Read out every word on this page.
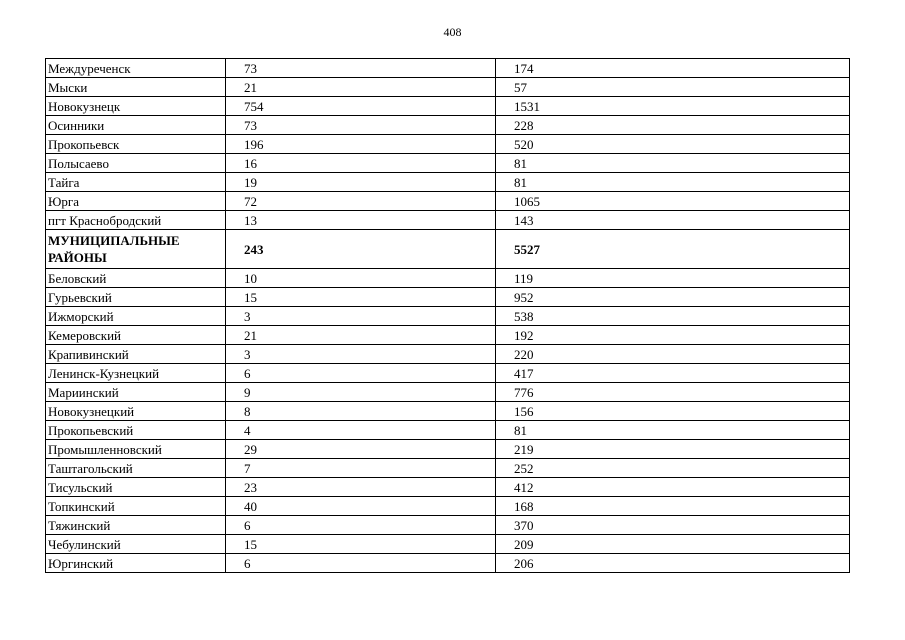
408
Междуреченск	73	174
Мыски	21	57
Новокузнецк	754	1531
Осинники	73	228
Прокопьевск	196	520
Полысаево	16	81
Тайга	19	81
Юрга	72	1065
пгт Краснобродский	13	143
МУНИЦИПАЛЬНЫЕ РАЙОНЫ	243	5527
Беловский	10	119
Гурьевский	15	952
Ижморский	3	538
Кемеровский	21	192
Крапивинский	3	220
Ленинск-Кузнецкий	6	417
Мариинский	9	776
Новокузнецкий	8	156
Прокопьевский	4	81
Промышленновский	29	219
Таштагольский	7	252
Тисульский	23	412
Топкинский	40	168
Тяжинский	6	370
Чебулинский	15	209
Юргинский	6	206
